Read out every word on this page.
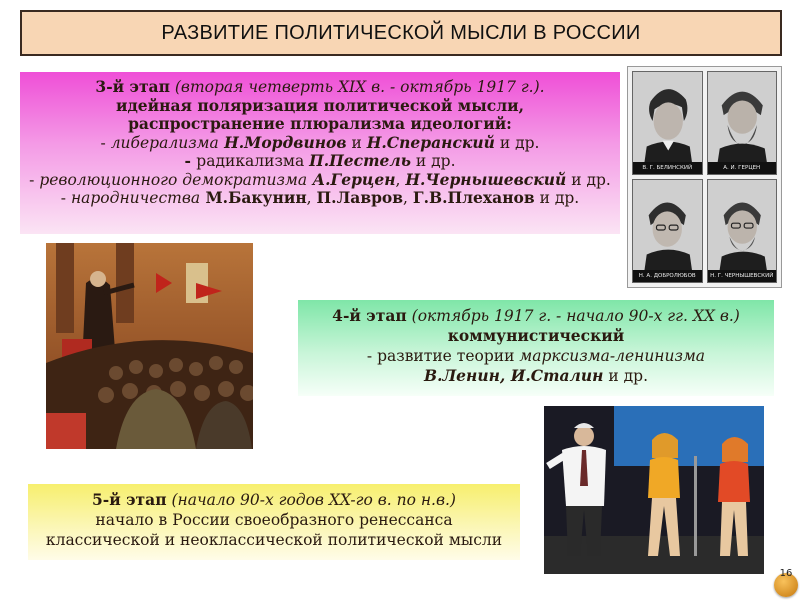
РАЗВИТИЕ ПОЛИТИЧЕСКОЙ МЫСЛИ В РОССИИ
3-й этап (вторая четверть XIX в. - октябрь 1917 г.).
идейная поляризация политической мысли,
распространение плюрализма идеологий:
- либерализма Н.Мордвинов и Н.Сперанский и др.
- радикализма П.Пестель и др.
- революционного демократизма А.Герцен, Н.Чернышевский и др.
- народничества М.Бакунин, П.Лавров, Г.В.Плеханов и др.
В. Г. БЕЛИНСКИЙ	А. И. ГЕРЦЕН
Н. А. ДОБРОЛЮБОВ	Н. Г. ЧЕРНЫШЕВСКИЙ
4-й этап (октябрь 1917 г. - начало 90-х гг. XX в.)
коммунистический
- развитие теории марксизма-ленинизма
В.Ленин, И.Сталин и др.
5-й этап (начало 90-х годов XX-го в. по н.в.)
начало в России своеобразного ренессанса
классической и неоклассической политической мысли
16
